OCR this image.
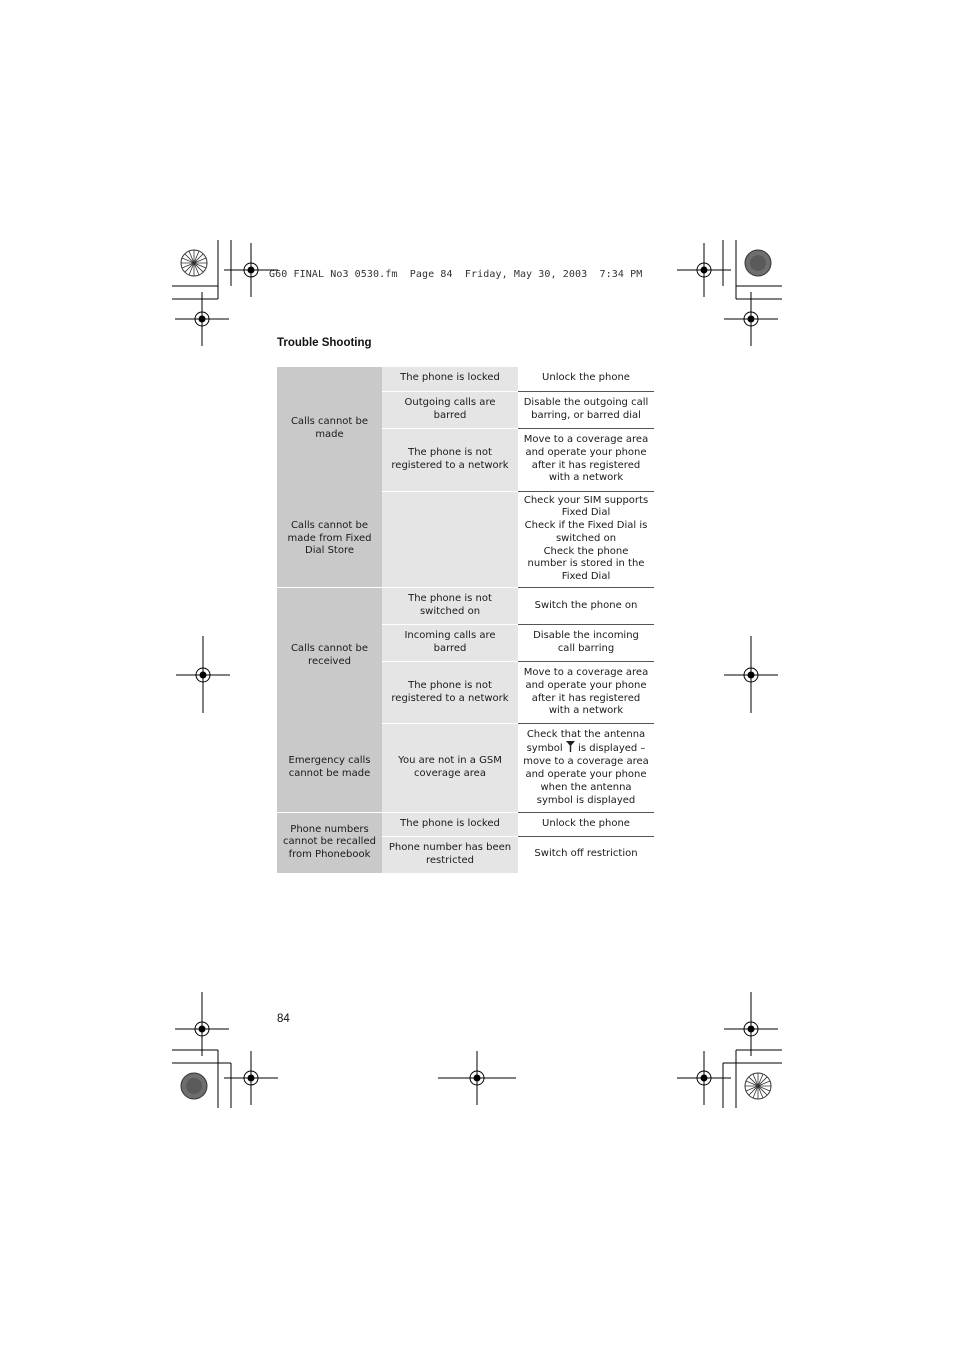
G60 FINAL No3 0530.fm  Page 84  Friday, May 30, 2003  7:34 PM
Trouble Shooting
Calls cannot be made	The phone is locked	Unlock the phone
	Outgoing calls are barred	Disable the outgoing call barring, or barred dial
	The phone is not registered to a network	Move to a coverage area and operate your phone after it has registered with a network
Calls cannot be made from Fixed Dial Store		Check your SIM supports Fixed Dial
Check if the Fixed Dial is switched on
Check the phone number is stored in the Fixed Dial

Calls cannot be received	The phone is not switched on	Switch the phone on
	Incoming calls are barred	Disable the incoming call barring
	The phone is not registered to a network	Move to a coverage area and operate your phone after it has registered with a network
Emergency calls cannot be made	You are not in a GSM coverage area	Check that the antenna symbol is displayed – move to a coverage area and operate your phone when the antenna symbol is displayed
Phone numbers cannot be recalled from Phonebook	The phone is locked	Unlock the phone
	Phone number has been restricted	Switch off restriction
84
